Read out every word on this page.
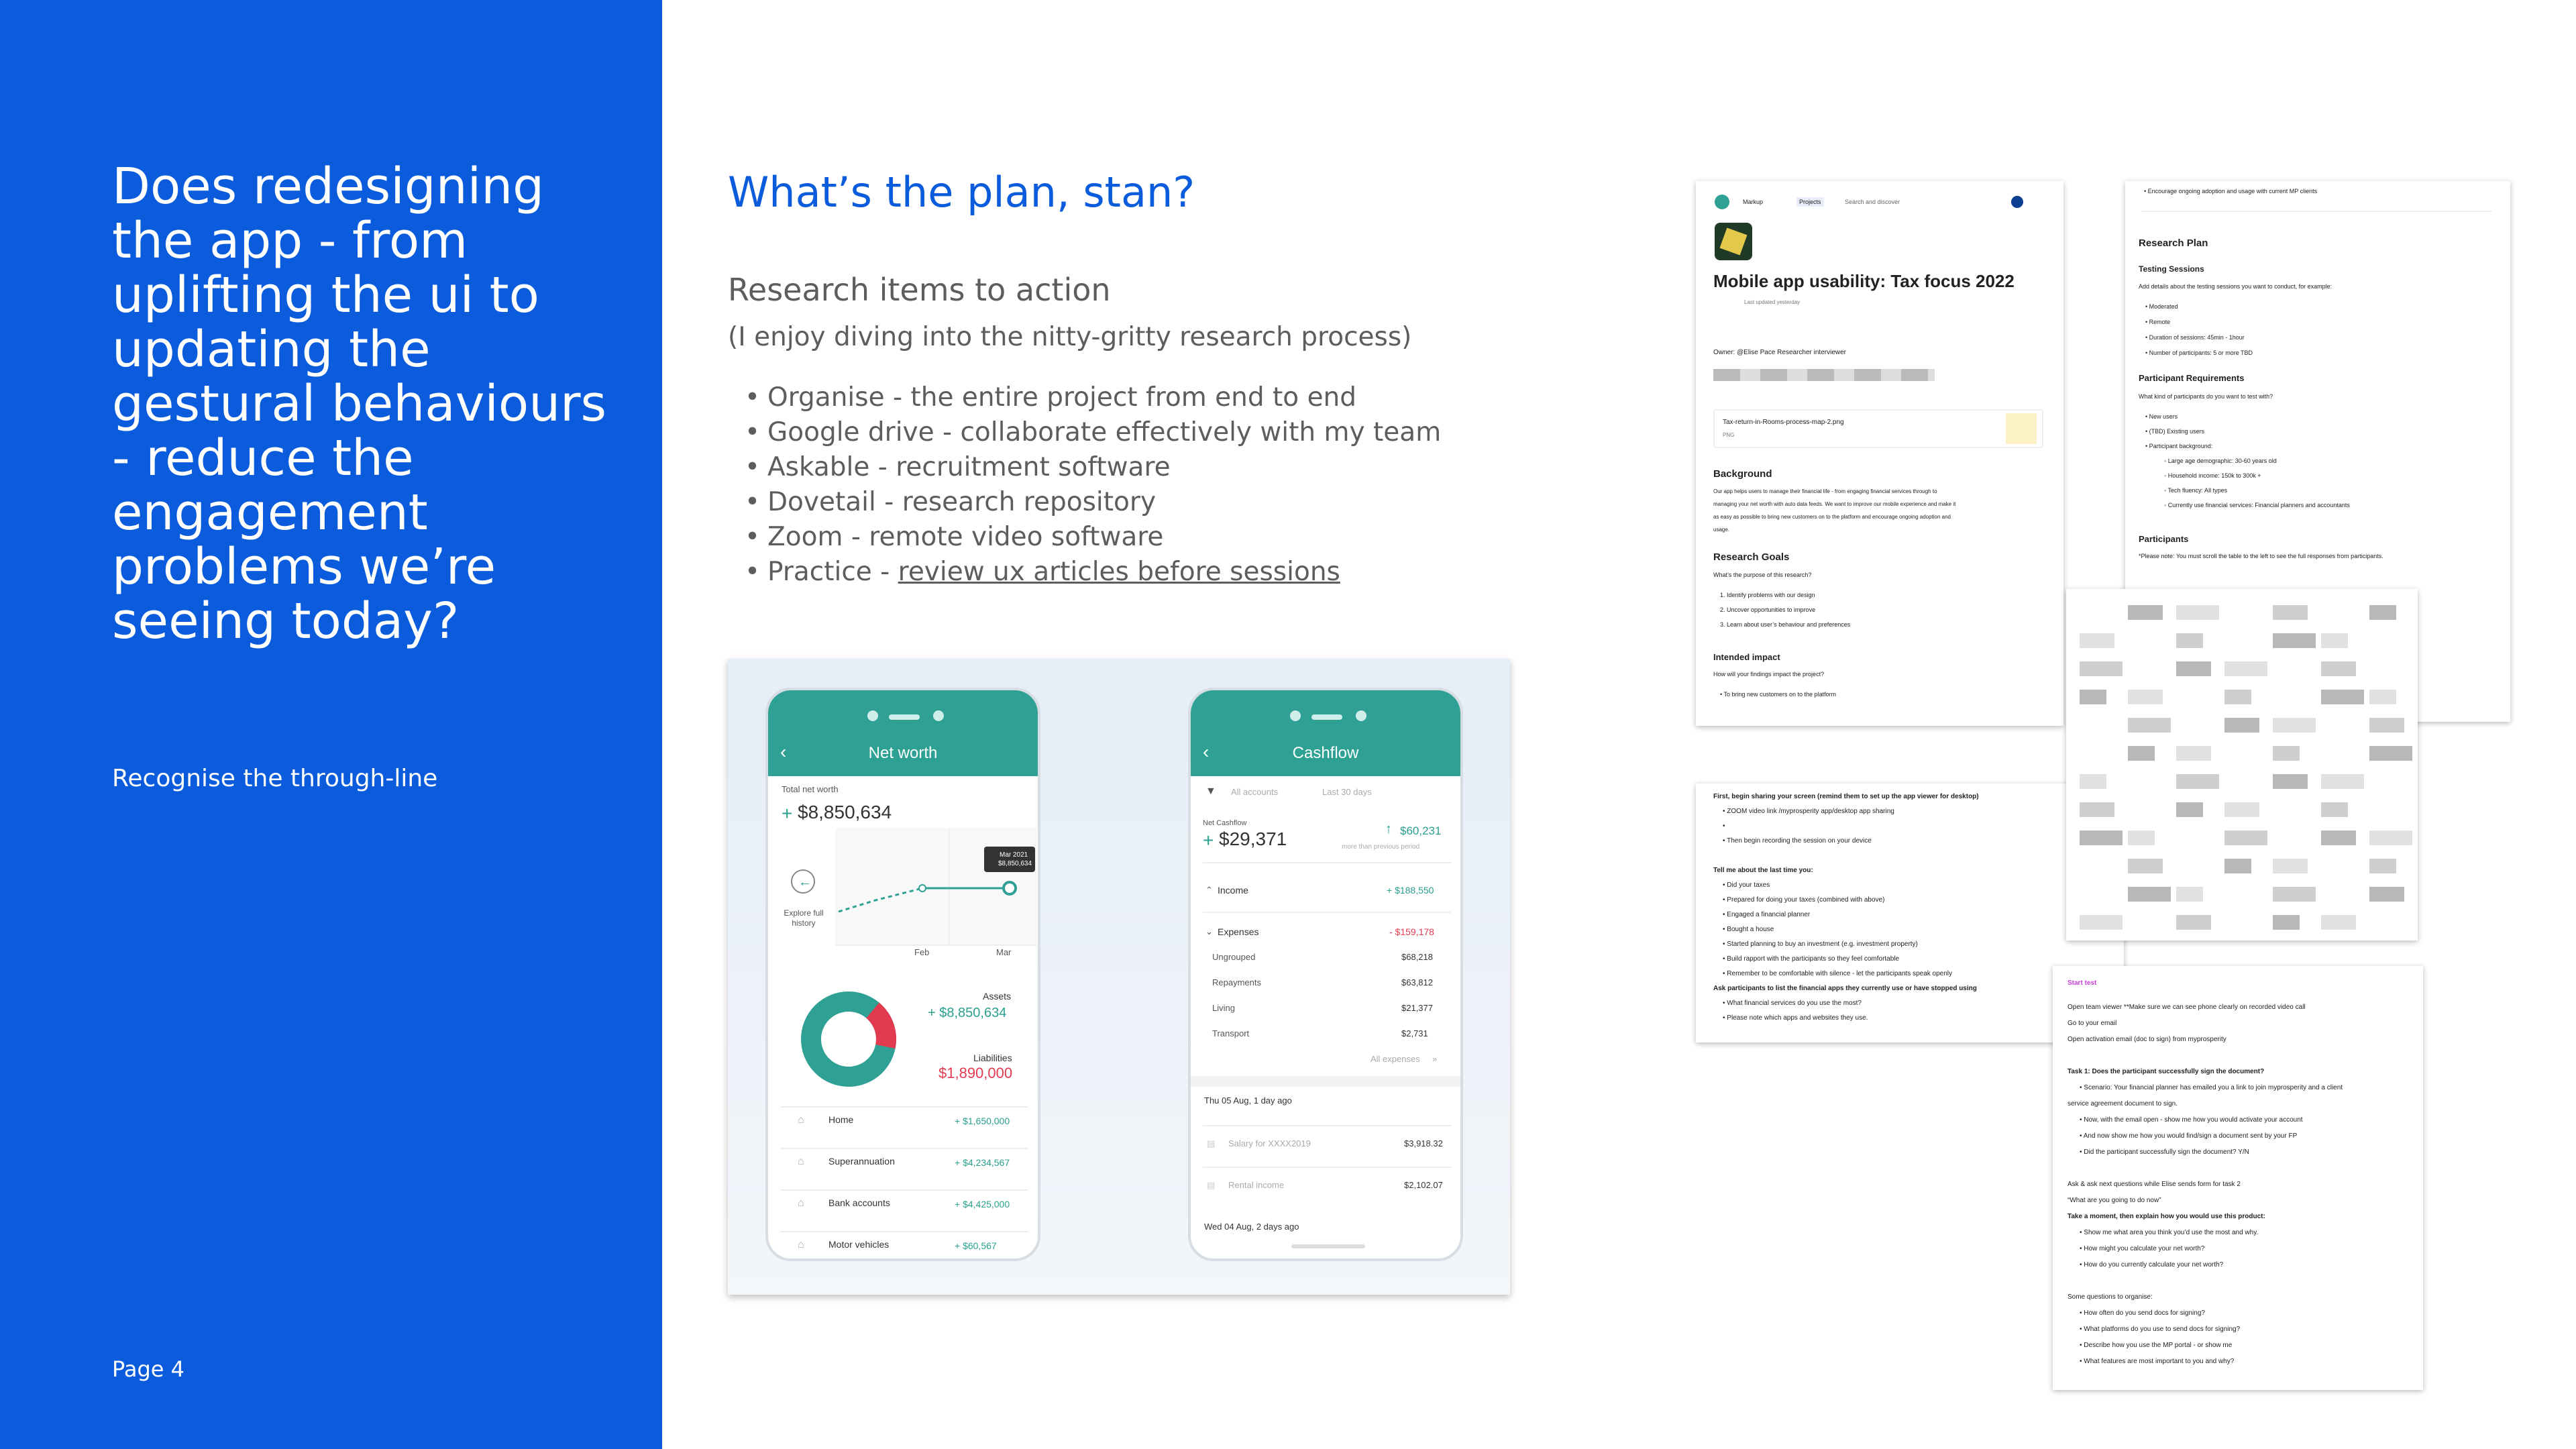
Does redesigning the app - from uplifting the ui to updating the gestural behaviours - reduce the engagement problems we’re seeing today?
Recognise the through-line
Page 4
What’s the plan, stan?
Research items to action
(I enjoy diving into the nitty-gritty research process)
• Organise - the entire project from end to end
• Google drive - collaborate effectively with my team
• Askable - recruitment software
• Dovetail - research repository
• Zoom - remote video software
• Practice - review ux articles before sessions
‹	Net worth
Total net worth
+ $8,850,634
←
Mar 2021
$8,850,634
Explore full history
Feb	Mar
Assets
+ $8,850,634
Liabilities
$1,890,000
⌂	Home	+ $1,650,000
⌂	Superannuation	+ $4,234,567
⌂	Bank accounts	+ $4,425,000
⌂	Motor vehicles	+ $60,567
‹	Cashflow
▼ All accounts	Last 30 days
Net Cashflow
+ $29,371	↑ $60,231
more than previous period
⌃ Income	+ $188,550
⌄ Expenses	- $159,178
Ungrouped	$68,218
Repayments	$63,812
Living	$21,377
Transport	$2,731
All expenses »
Thu 05 Aug, 1 day ago
▤ Salary for XXXX2019	$3,918.32
▤ Rental income	$2,102.07
Wed 04 Aug, 2 days ago
Markup	Projects	Search and discover
Mobile app usability: Tax focus 2022
Last updated yesterday
Owner: @Elise Pace Researcher interviewer
Tax-return-in-Rooms-process-map-2.png
PNG
Background
Our app helps users to manage their financial life - from engaging financial services through to
managing your net worth with auto data feeds. We want to improve our mobile experience and make it
as easy as possible to bring new customers on to the platform and encourage ongoing adoption and
usage.
Research Goals
What’s the purpose of this research?
1. Identify problems with our design
2. Uncover opportunities to improve
3. Learn about user’s behaviour and preferences
Intended impact
How will your findings impact the project?
• To bring new customers on to the platform
• Encourage ongoing adoption and usage with current MP clients
Research Plan
Testing Sessions
Add details about the testing sessions you want to conduct, for example:
• Moderated
• Remote
• Duration of sessions: 45min - 1hour
• Number of participants: 5 or more TBD
Participant Requirements
What kind of participants do you want to test with?
• New users
• (TBD) Existing users
• Participant background:
◦ Large age demographic: 30-60 years old
◦ Household income: 150k to 300k +
◦ Tech fluency: All types
◦ Currently use financial services: Financial planners and accountants
Participants
*Please note: You must scroll the table to the left to see the full responses from participants.
First, begin sharing your screen (remind them to set up the app viewer for desktop)
• ZOOM video link /myprosperity app/desktop app sharing
•
• Then begin recording the session on your device
Tell me about the last time you:
• Did your taxes
• Prepared for doing your taxes (combined with above)
• Engaged a financial planner
• Bought a house
• Started planning to buy an investment (e.g. investment property)
• Build rapport with the participants so they feel comfortable
• Remember to be comfortable with silence - let the participants speak openly
Ask participants to list the financial apps they currently use or have stopped using
• What financial services do you use the most?
• Please note which apps and websites they use.
Start test
Open team viewer **Make sure we can see phone clearly on recorded video call
Go to your email
Open activation email (doc to sign) from myprosperity
Task 1: Does the participant successfully sign the document?
• Scenario: Your financial planner has emailed you a link to join myprosperity and a client
service agreement document to sign.
• Now, with the email open - show me how you would activate your account
• And now show me how you would find/sign a document sent by your FP
• Did the participant successfully sign the document? Y/N
Ask & ask next questions while Elise sends form for task 2
“What are you going to do now”
Take a moment, then explain how you would use this product:
• Show me what area you think you’d use the most and why.
• How might you calculate your net worth?
• How do you currently calculate your net worth?
Some questions to organise:
• How often do you send docs for signing?
• What platforms do you use to send docs for signing?
• Describe how you use the MP portal - or show me
• What features are most important to you and why?
